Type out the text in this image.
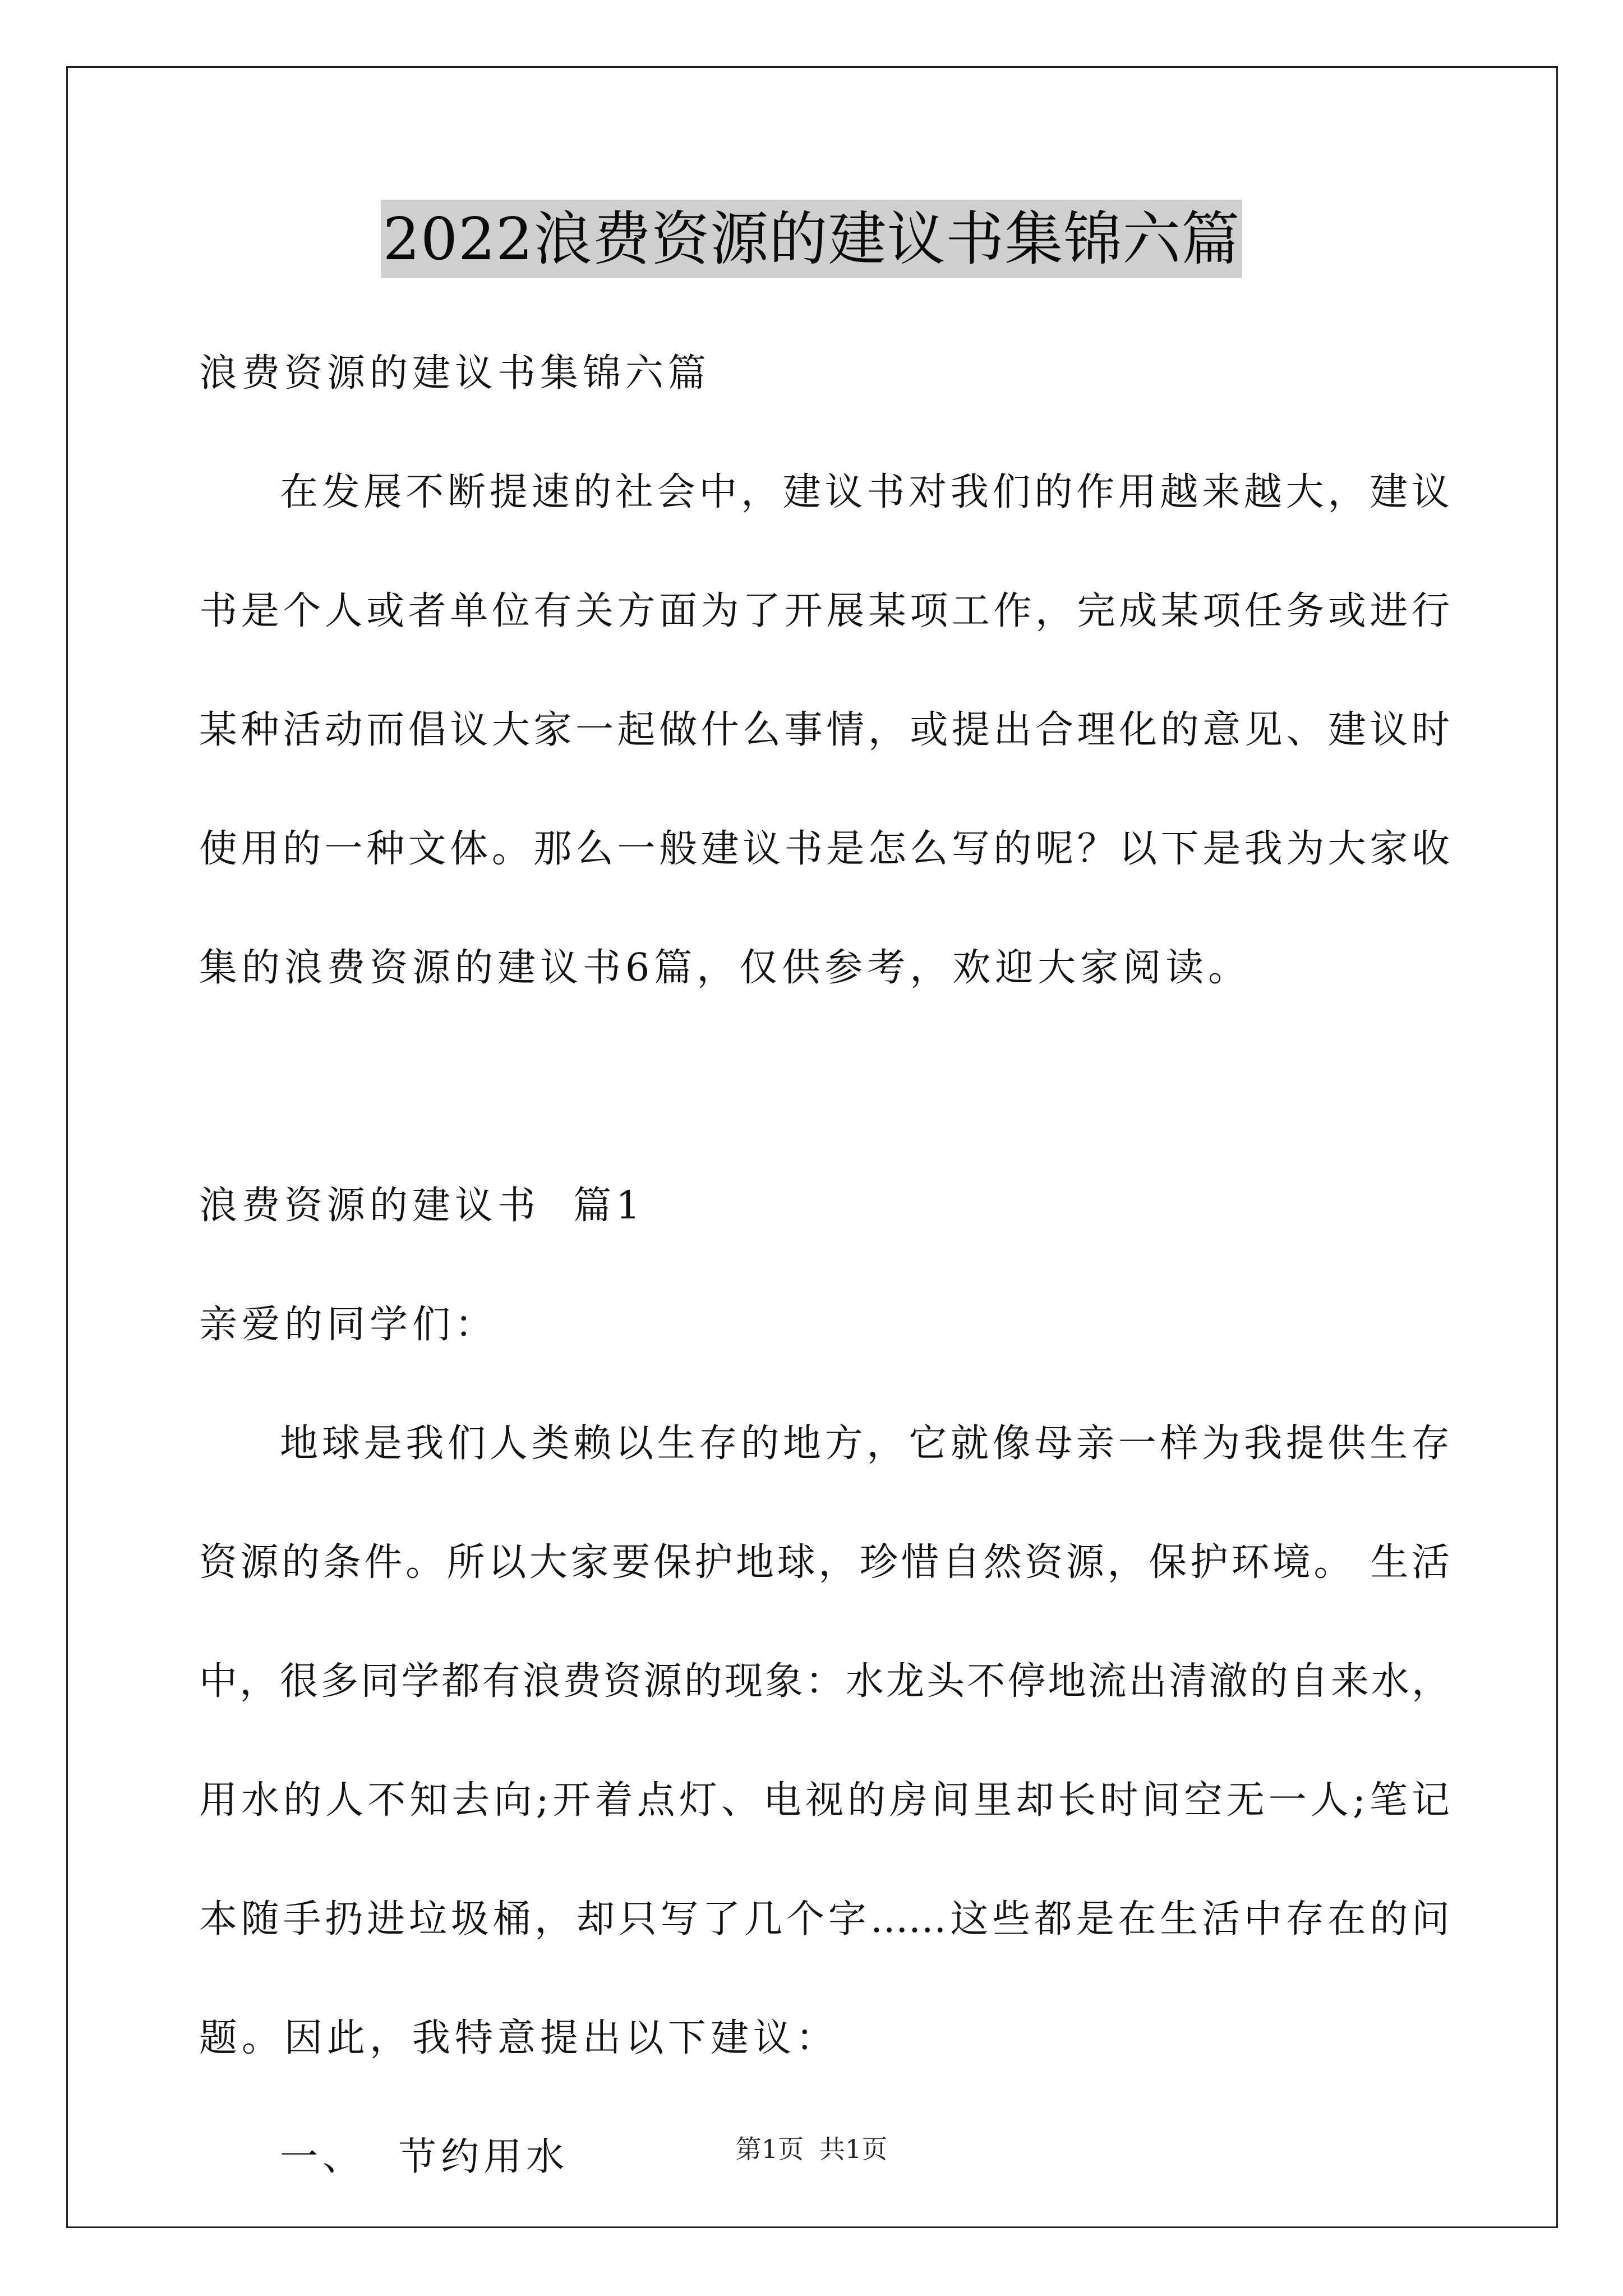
2022浪费资源的建议书集锦六篇
浪费资源的建议书集锦六篇
在发展不断提速的社会中，建议书对我们的作用越来越大，建议
书是个人或者单位有关方面为了开展某项工作，完成某项任务或进行
某种活动而倡议大家一起做什么事情，或提出合理化的意见、建议时
使用的一种文体。那么一般建议书是怎么写的呢？以下是我为大家收
集的浪费资源的建议书6篇，仅供参考，欢迎大家阅读。
浪费资源的建议书  篇1
亲爱的同学们：
地球是我们人类赖以生存的地方，它就像母亲一样为我提供生存
资源的条件。所以大家要保护地球，珍惜自然资源，保护环境。 生活
中，很多同学都有浪费资源的现象：水龙头不停地流出清澈的自来水，
用水的人不知去向;开着点灯、电视的房间里却长时间空无一人;笔记
本随手扔进垃圾桶，却只写了几个字……这些都是在生活中存在的问
题。因此，我特意提出以下建议：
一、  节约用水	第1页 共1页
